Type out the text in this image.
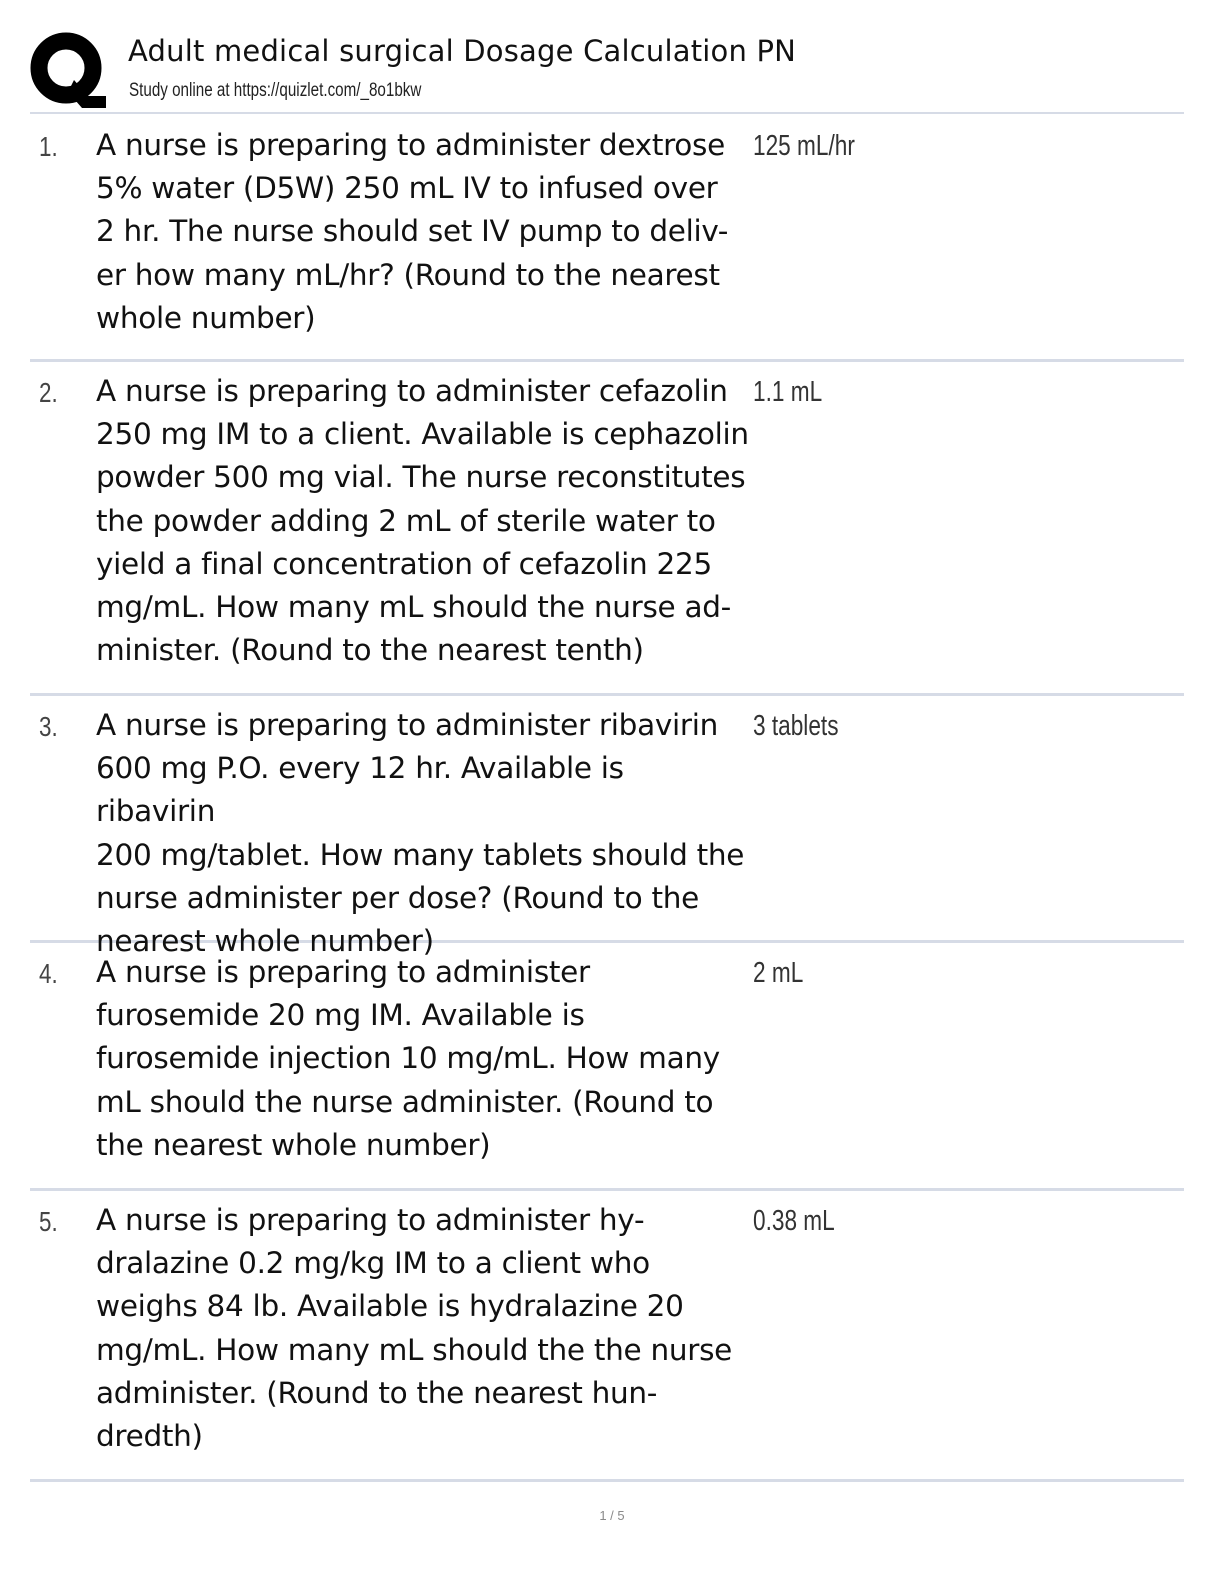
Adult medical surgical Dosage Calculation PN
Study online at https://quizlet.com/_8o1bkw
1. A nurse is preparing to administer dextrose
5% water (D5W) 250 mL IV to infused over
2 hr. The nurse should set IV pump to deliv-
er how many mL/hr? (Round to the nearest
whole number)
125 mL/hr
2. A nurse is preparing to administer cefazolin
250 mg IM to a client. Available is cephazolin
powder 500 mg vial. The nurse reconstitutes
the powder adding 2 mL of sterile water to
yield a final concentration of cefazolin 225
mg/mL. How many mL should the nurse ad-
minister. (Round to the nearest tenth)
1.1 mL
3. A nurse is preparing to administer ribavirin
600 mg P.O. every 12 hr. Available is ribavirin
200 mg/tablet. How many tablets should the
nurse administer per dose? (Round to the
nearest whole number)
3 tablets
4. A nurse is preparing to administer
furosemide 20 mg IM. Available is
furosemide injection 10 mg/mL. How many
mL should the nurse administer. (Round to
the nearest whole number)
2 mL
5. A nurse is preparing to administer hy-
dralazine 0.2 mg/kg IM to a client who
weighs 84 lb. Available is hydralazine 20
mg/mL. How many mL should the the nurse
administer. (Round to the nearest hun-
dredth)
0.38 mL
1 / 5
